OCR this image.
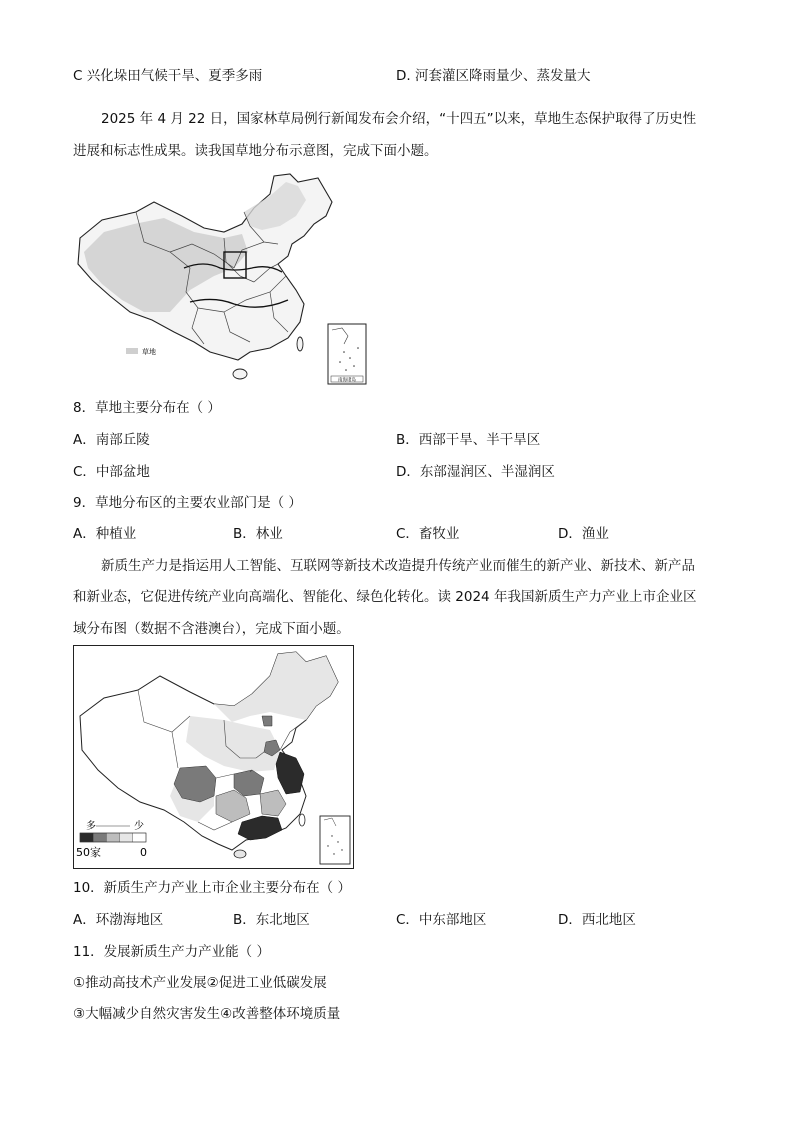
C 兴化垛田气候干旱、夏季多雨	D. 河套灌区降雨量少、蒸发量大
2025 年 4 月 22 日，国家林草局例行新闻发布会介绍，“十四五”以来，草地生态保护取得了历史性
进展和标志性成果。读我国草地分布示意图，完成下面小题。
草地
南海诸岛
8．草地主要分布在（ ）
A．南部丘陵	B．西部干旱、半干旱区
C．中部盆地	D．东部湿润区、半湿润区
9．草地分布区的主要农业部门是（ ）
A．种植业	B．林业	C．畜牧业	D．渔业
新质生产力是指运用人工智能、互联网等新技术改造提升传统产业而催生的新产业、新技术、新产品
和新业态，它促进传统产业向高端化、智能化、绿色化转化。读 2024 年我国新质生产力产业上市企业区
域分布图（数据不含港澳台），完成下面小题。
多	少
50家	0
10．新质生产力产业上市企业主要分布在（ ）
A．环渤海地区	B．东北地区	C．中东部地区	D．西北地区
11．发展新质生产力产业能（ ）
①推动高技术产业发展②促进工业低碳发展
③大幅减少自然灾害发生④改善整体环境质量
